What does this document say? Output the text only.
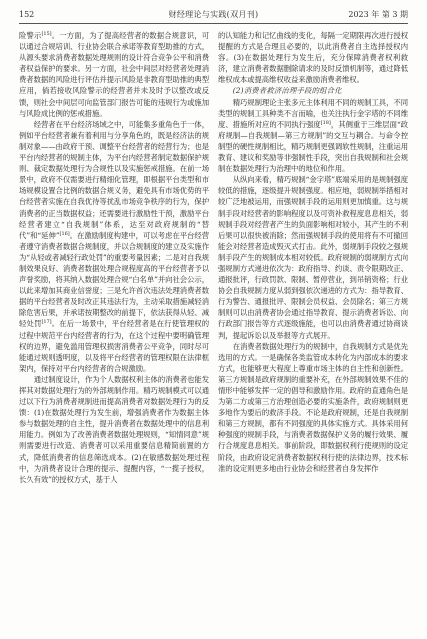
152	财经理论与实践(双月刊)	2023 年 第 3 期

险警示[15]。一方面，为了提高经营者的数据合规意识，可以通过合规培训、行业协会联合承诺等教育型助推的方式，从源头要求消费者数据处理规则的设计符合竞争公平和消费者权益保护的要求。另一方面，社会中间层对经营者处理消费者数据的风险进行评估并提示风险是非教育型助推的典型应用，倘若接收风险警示的经营者并未及时予以整改或反馈，则社会中间层可向监管部门报告可能的违规行为或施加与风险成比例的惩戒措施。

经营者在平台经济场域之中，可能集多重角色于一体，例如平台经营者兼有着利用与分享角色的，既是经济法的规制对象——由政府干预、调整平台经营者的经营行为；也是平台内经营者的规制主体，为平台内经营者制定数据保护规则、裁定数据处理行为合规性以及实施惩戒措施。在前一场景中，政府不仅需要进行精细化管理，即根据平台类型和市场规模设置合比例的数据合规义务，避免具有市场优势的平台经营者实施在自我优待等扰乱市场竞争秩序的行为，保护消费者的正当数据权益；还需要进行激励性干预，激励平台经营者建立“自我规制”体系，达至对政府规制的“替代”和“延伸”[16]。在激励制度构建中，可以考虑在平台经营者遵守消费者数据合规制度，并以合规制度的建立及实施作为“从轻或者减轻行政处罚”的重要考量因素；二是对自我规制效果良好、消费者数据处理合规程度高的平台经营者予以声誉奖励，将其纳入数据处理合规“白名单”并向社会公示，以此来增加其商业信誉度；三是允许首次违法处理消费者数据的平台经营者及时改正其违法行为，主动采取措施减轻消除危害后果，并承诺按期整改的前提下，依法获得从轻、减轻处罚[17]。在后一场景中，平台经营者是在行使管理权的过程中规范平台内经营者的行为，在这个过程中要明确管理权的边界，避免滥用管理权损害消费者公平竞争，同时尽可能通过规则透明度，以及将平台经营者的管理权限在法律框架内，保持对平台内经营者的合规激励。

通过制度设计，作为个人数据权利主体的消费者也能发挥其对数据处理行为的外部规制作用。精巧规制模式可以通过以下行为消费者规制进而提高消费者对数据处理行为的反馈：(1)在数据处理行为发生前，增强消费者作为数据主体参与数据处理的自主性，提升消费者在数据处理中的信息利用能力。例如为了改善消费者数据处理规则，“知情同意”规则需要进行改造、消费者可以采用重要信息精简前置的方式，降低消费者的信息筛选成本。(2)在敏感数据处理过程中，为消费者设计合理的提示、提醒内容，“一揽子授权，长久有效”的授权方式，基于人

的认知能力和记忆曲线的变化，每隔一定期限再次进行授权提醒的方式是合理且必要的，以此消费者自主选择授权内容。(3)在数据处理行为发生后，充分保障消费者权利救济，建立消费者数据删除请求的及时反馈机制等，通过降低维权成本或提高维权收益来激励消费者维权。

(2)消费者救济治理手段的组合化

精巧规制理论主张多元主体利用不同的规制工具，不同类型的规制工具种类不言而喻，也关注执行金字塔的不同维度、措施所对应的不同执行强度[18]，其侧重于三维层面“政府规制—自我规制—第三方规制”的交互与耦合。与命令控制型的硬性规制相比，精巧规制更强调软性规制，注重运用教育、建议和奖励等非强制性手段，突出自我规制和社会规制在数据处理行为治理中的地位和作用。

从纵向来看，精巧规制“金字塔”底端采用的是规制强度较低的措施，逐级提升规制强度。相应地，弱规制举措相对较广泛地被运用，而强规制手段的运用则更加慎重。这与规制手段对经营者的影响程度以及可资补救程度息息相关，弱规制手段对经营者产生的负面影响相对较小，其产生的不利后果可以很快被消除；然而强规制手段的使用将有不可撤回能会对经营者造成毁灭式打击。此外，弱规制手段较之强规制手段产生的规制成本相对较低。政府规制的弱规制方式向强规制方式递进依次为：政府指导、约谈、责令限期改正、通报批评，行政罚款、限制、暂停营业，到吊销资格；行业协会自我规制力度从弱到强依次递进的方式为：指导教育、行为警告、通报批评、限制会员权益、会员除名；第三方规制则可以由消费者协会通过指导教育、提示消费者诉讼、向行政部门报告等方式逐级施能，也可以由消费者通过协商谈判，提起诉讼以及举报等方式展开。

在消费者数据处理行为的规制中，自我规制方式是优先选用的方式。一是确保各类监管成本转化为内部成本的要求方式，也能够更大程度上尊重市场主体的自主性和创新性。第三方规制是政府规制的重要补充，在外部规制效果不佳的情形中能够发挥一定的倡导和激励作用。政府的直通角色是为第二方或第三方治理创造必要的实施条件，政府规制则更多地作为要后的救济手段。不论是政府规制，还是自我规制和第三方规制，都有不同强度的具体实施方式。具体采用何种强度的规制手段，与消费者数据保护义务的履行效果、履行合规度息息相关。事前阶段，即数据权利行使规则的设定阶段，由政府设定消费者数据权利行使的法律边界，技术标准的设定则更多地由行业协会和经营者自身发挥作
